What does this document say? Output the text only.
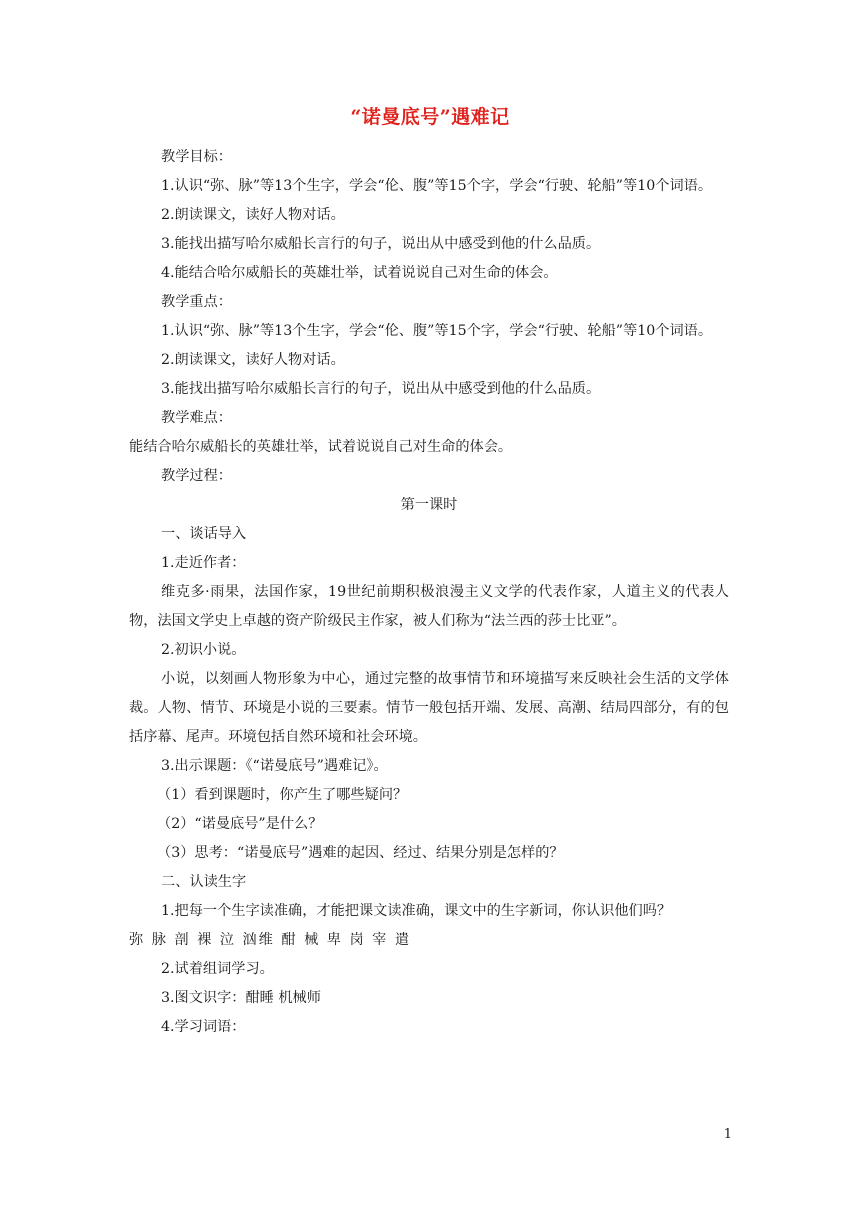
“诺曼底号”遇难记

教学目标：

1.认识“弥、脉”等13个生字，学会“伦、腹”等15个字，学会“行驶、轮船”等10个词语。

2.朗读课文，读好人物对话。

3.能找出描写哈尔威船长言行的句子，说出从中感受到他的什么品质。

4.能结合哈尔威船长的英雄壮举，试着说说自己对生命的体会。

教学重点：

1.认识“弥、脉”等13个生字，学会“伦、腹”等15个字，学会“行驶、轮船”等10个词语。

2.朗读课文，读好人物对话。

3.能找出描写哈尔威船长言行的句子，说出从中感受到他的什么品质。

教学难点：

能结合哈尔威船长的英雄壮举，试着说说自己对生命的体会。

教学过程：

第一课时

一、谈话导入

1.走近作者：

维克多·雨果，法国作家，19世纪前期积极浪漫主义文学的代表作家，人道主义的代表人物，法国文学史上卓越的资产阶级民主作家，被人们称为“法兰西的莎士比亚”。

2.初识小说。

小说，以刻画人物形象为中心，通过完整的故事情节和环境描写来反映社会生活的文学体裁。人物、情节、环境是小说的三要素。情节一般包括开端、发展、高潮、结局四部分，有的包括序幕、尾声。环境包括自然环境和社会环境。

3.出示课题：《“诺曼底号”遇难记》。

（1）看到课题时，你产生了哪些疑问？

（2）“诺曼底号”是什么？

（3）思考：“诺曼底号”遇难的起因、经过、结果分别是怎样的？

二、认读生字

1.把每一个生字读准确，才能把课文读准确，课文中的生字新词，你认识他们吗？

弥 脉 剖 裸 泣 汹维 酣 械 卑 岗 宰 遣

2.试着组词学习。

3.图文识字：酣睡 机械师

4.学习词语：

1
